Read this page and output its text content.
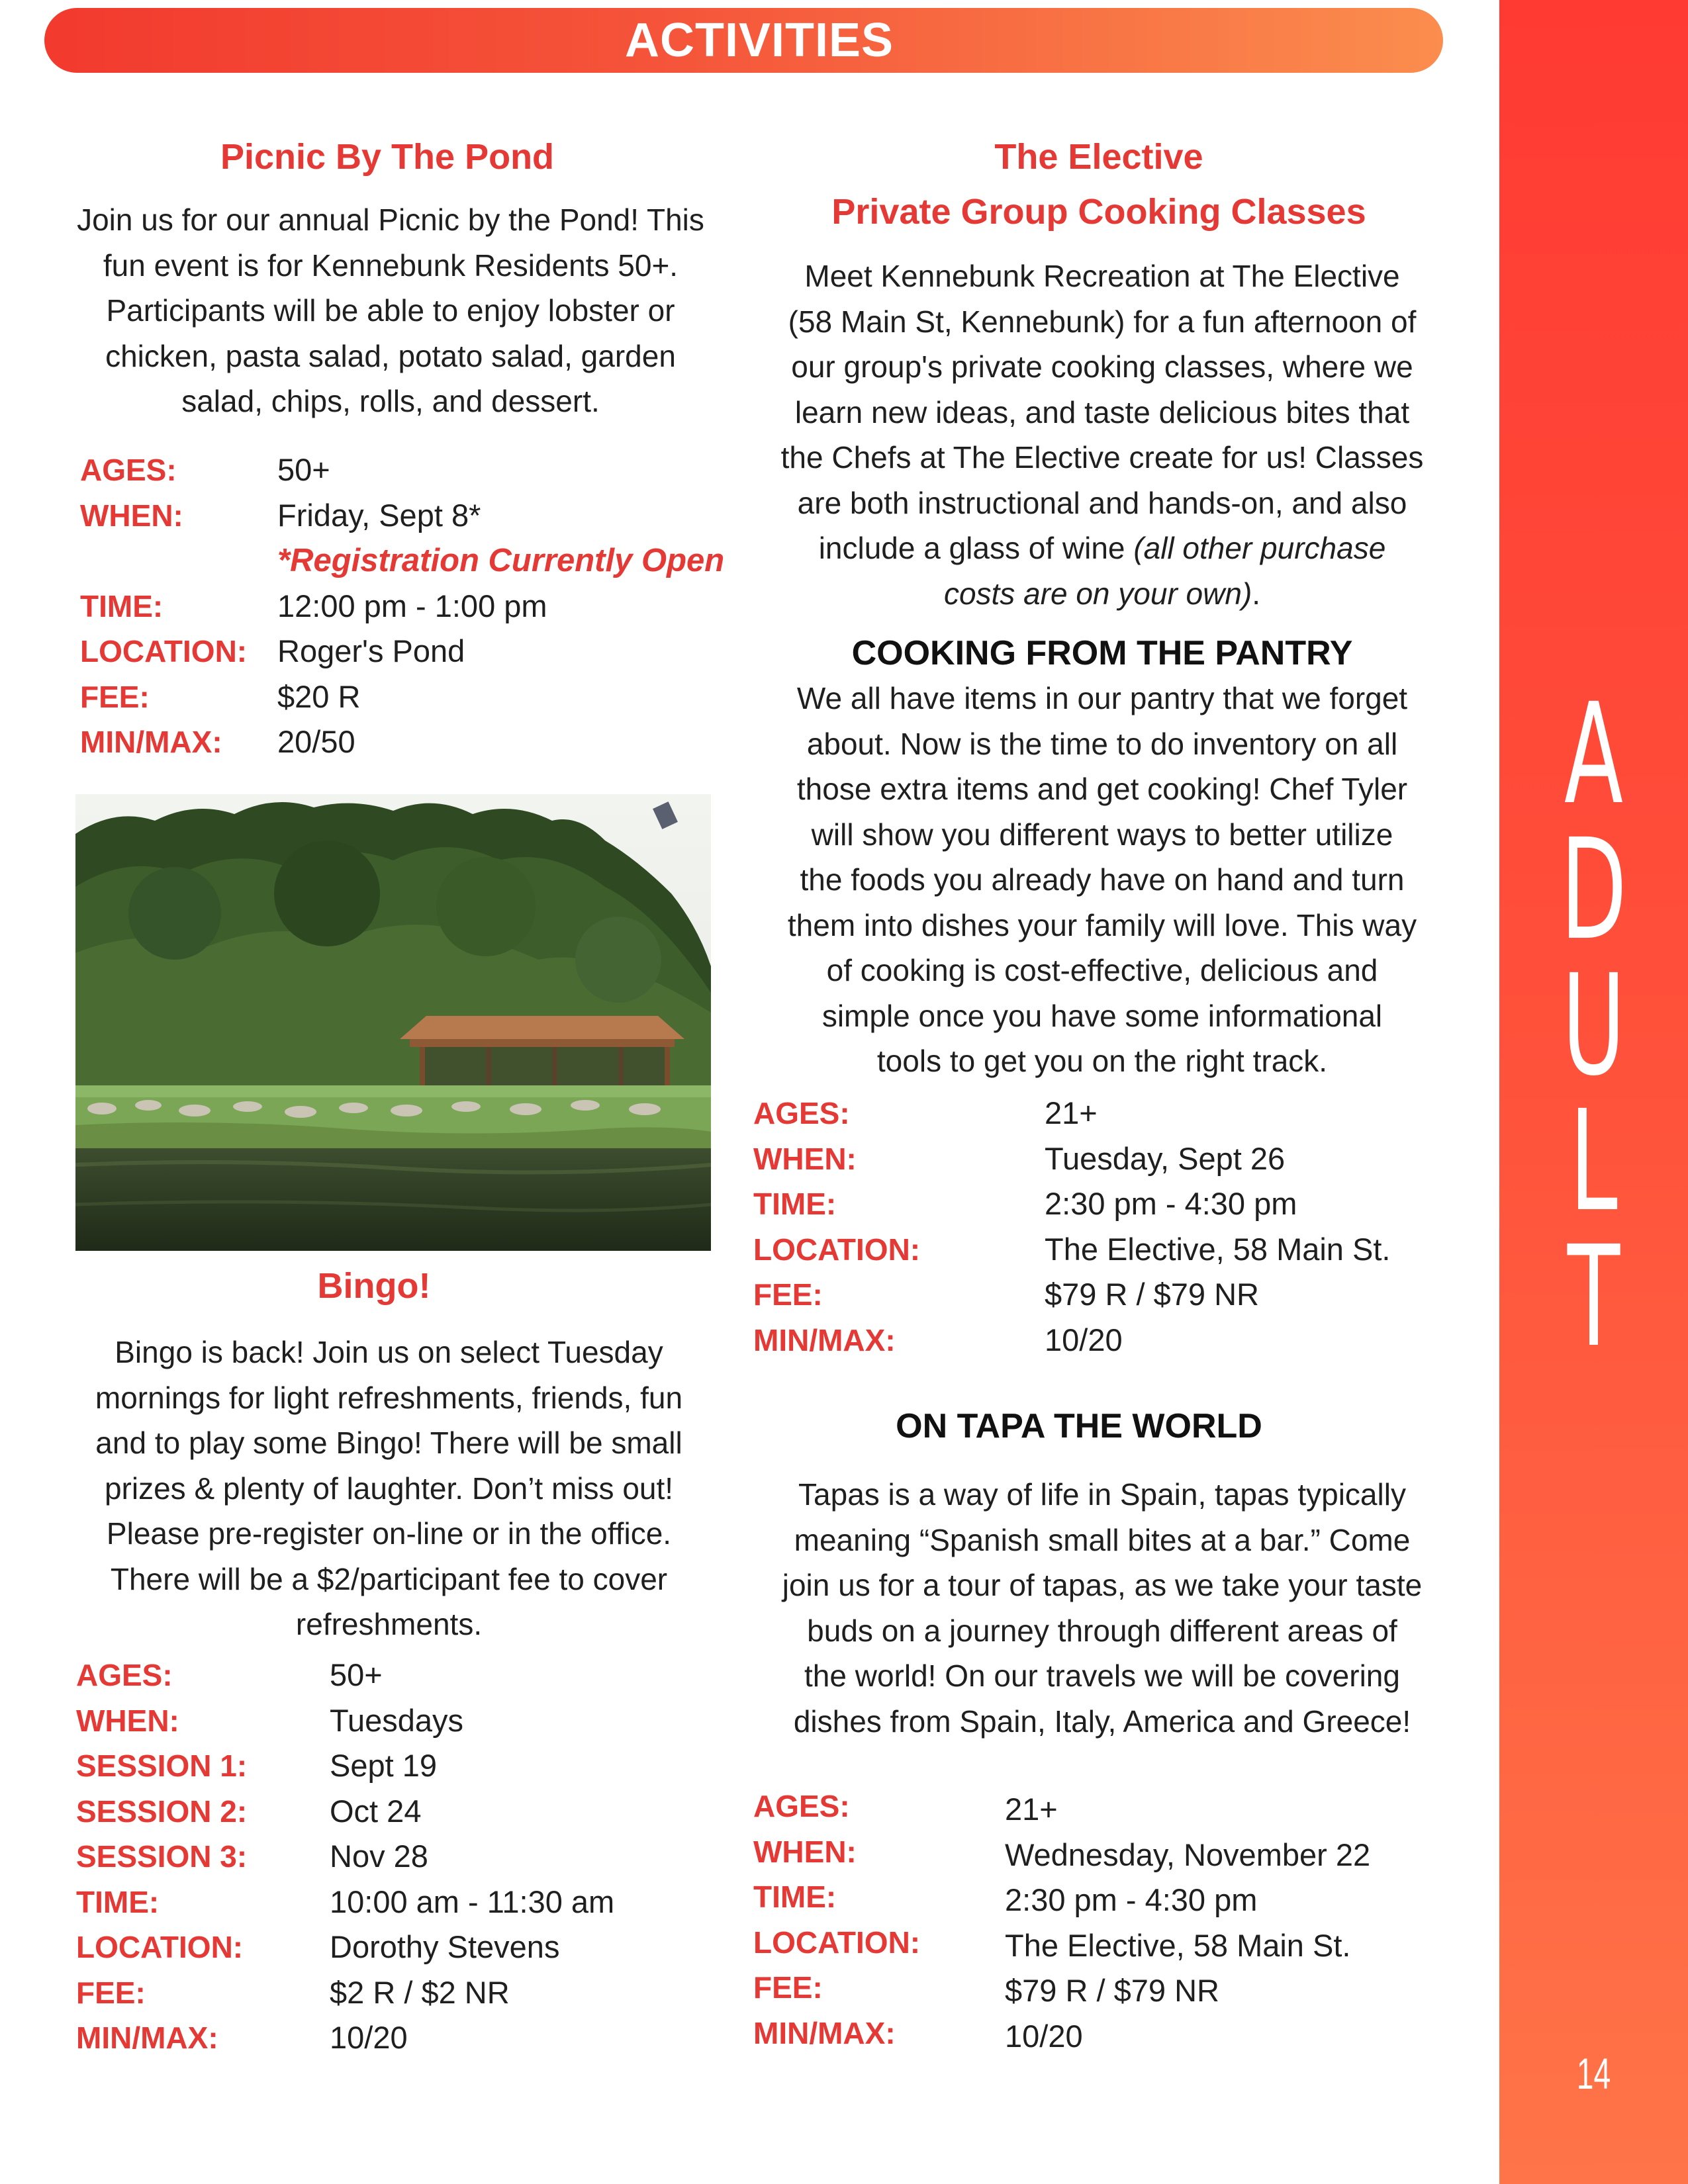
ACTIVITIES
A
D
U
L
T
14
Picnic By The Pond
Join us for our annual Picnic by the Pond! This
fun event is for Kennebunk Residents 50+.
Participants will be able to enjoy lobster or
chicken, pasta salad, potato salad, garden
salad, chips, rolls, and dessert.
AGES:
WHEN:
TIME:
LOCATION:
FEE:
MIN/MAX:
50+
Friday, Sept 8*
*Registration Currently Open
12:00 pm - 1:00 pm
Roger's Pond
$20 R
20/50
Bingo!
Bingo is back! Join us on select Tuesday
mornings for light refreshments, friends, fun
and to play some Bingo! There will be small
prizes & plenty of laughter. Don’t miss out!
Please pre-register on-line or in the office.
There will be a $2/participant fee to cover
refreshments.
AGES:
WHEN:
SESSION 1:
SESSION 2:
SESSION 3:
TIME:
LOCATION:
FEE:
MIN/MAX:
50+
Tuesdays
Sept 19
Oct 24
Nov 28
10:00 am - 11:30 am
Dorothy Stevens
$2 R / $2 NR
10/20
The Elective
Private Group Cooking Classes
Meet Kennebunk Recreation at The Elective
(58 Main St, Kennebunk) for a fun afternoon of
our group's private cooking classes, where we
learn new ideas, and taste delicious bites that
the Chefs at The Elective create for us! Classes
are both instructional and hands-on, and also
include a glass of wine (all other purchase
costs are on your own).
COOKING FROM THE PANTRY
We all have items in our pantry that we forget
about. Now is the time to do inventory on all
those extra items and get cooking! Chef Tyler
will show you different ways to better utilize
the foods you already have on hand and turn
them into dishes your family will love. This way
of cooking is cost-effective, delicious and
simple once you have some informational
tools to get you on the right track.
AGES:
WHEN:
TIME:
LOCATION:
FEE:
MIN/MAX:
21+
Tuesday, Sept 26
2:30 pm - 4:30 pm
The Elective, 58 Main St.
$79 R / $79 NR
10/20
ON TAPA THE WORLD
Tapas is a way of life in Spain, tapas typically
meaning “Spanish small bites at a bar.” Come
join us for a tour of tapas, as we take your taste
buds on a journey through different areas of
the world! On our travels we will be covering
dishes from Spain, Italy, America and Greece!
AGES:
WHEN:
TIME:
LOCATION:
FEE:
MIN/MAX:
21+
Wednesday, November 22
2:30 pm - 4:30 pm
The Elective, 58 Main St.
$79 R / $79 NR
10/20
